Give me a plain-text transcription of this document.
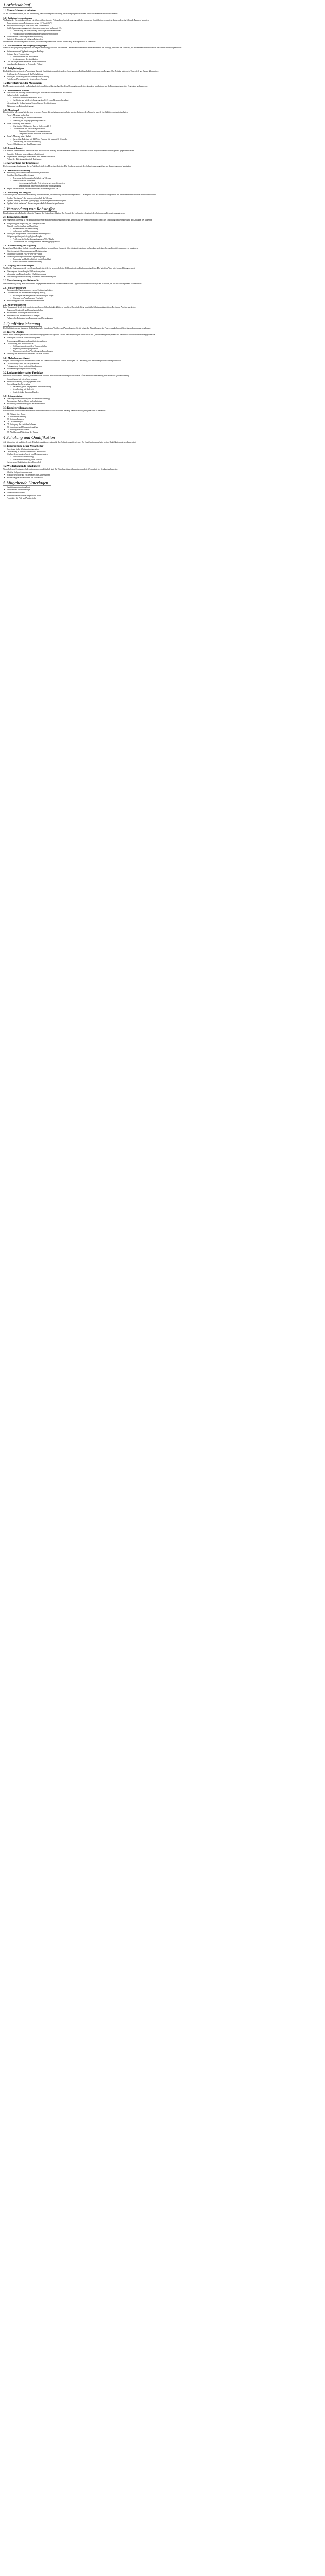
1 Arbeitsablauf
1.1 Vorverfahrensrichtlinien
Zu den Verfahrensschritten, die zur Vorbereitung, Durchführung und Bewertung der Prüfungsergebnisse dienen, wird nachstehend der Ablauf beschrieben.
1.1.1 Prüfstandvoraussetzungen
Vor Beginn der Versuchsdurchführung ist sicherzustellen, dass der Prüfstand den Anforderungen gemäß den technischen Spezifikationen entspricht. Insbesondere sind folgende Punkte zu beachten:
• Temperaturbereich des Prüfraums zwischen 18 °C und 26 °C
• Relative Luftfeuchtigkeit unter 65 % ohne Kondensation
• Stabile Spannungsversorgung mit einer Abweichung von höchstens ± 2 %
◦ Überwachung der Netzspannung über das gesamte Messintervall
◦ Protokollierung von Spannungsspitzen und Unterbrechungen
• Vibrationsfreie Aufstellung der Messeinrichtung
• Kalibrierte Messmittel mit gültigem Prüfzeichen
Werden diese Voraussetzungen nicht erfüllt, ist die Prüfung auszusetzen und die Abweichung im Prüfprotokoll zu vermerken.
1.1.2 Dokumentation der Ausgangsbedingungen
Sämtliche Ausgangsbedingungen sind vor Beginn der Prüfung schriftlich festzuhalten. Dazu zählen insbesondere die Seriennummer des Prüflings, der Stand der Firmware, die verwendeten Messmittel sowie die Namen der beteiligten Prüfer.
• Seriennummer und Typbezeichnung des Prüflings
• Software- bzw. Firmwarestand
◦ Versionsnummer des Bootloaders
◦ Versionsnummer der Applikation
• Liste der eingesetzten Messmittel mit Kalibrierdatum
• Umgebungsbedingungen zu Beginn der Prüfung
1.1.3 Prüfplanfreigabe
Der Prüfplan ist vor der ersten Anwendung durch die Qualitätssicherung freizugeben. Änderungen am Prüfplan bedürfen einer erneuten Freigabe. Die Freigabe wird durch Unterschrift und Datum dokumentiert.
• Erstellung des Prüfplans durch die Fachabteilung
• Prüfung auf Vollständigkeit durch die Qualitätssicherung
• Freigabe und Archivierung der freigegebenen Fassung
1.2 Durchführung der Messungen
Die Messungen werden in der im Prüfplan festgelegten Reihenfolge durchgeführt. Jede Messung ist mindestens dreimal zu wiederholen, um die Reproduzierbarkeit der Ergebnisse nachzuweisen.
1.2.1 Vorbereitende Schritte
• Einschalten des Prüflings und Einhaltung der Aufwärmzeit von mindestens 30 Minuten
• Nullabgleich der Messkanäle
◦ Kontrolle der Offsetwerte aller Kanäle
◦ Nachjustierung bei Abweichungen größer 0,5 % vom Messbereichsendwert
• Überprüfung der Verkabelung auf festen Sitz und Beschädigungen
• Aktivierung der Datenaufzeichnung
1.2.2 Messablauf
Der eigentliche Messablauf gliedert sich in mehrere Phasen, die nacheinander abgearbeitet werden. Zwischen den Phasen ist jeweils eine Stabilisierungszeit einzuhalten.
• Phase 1: Messung im Leerlauf
◦ Aufzeichnung der Ruhestromaufnahme
◦ Erfassung der Ausgangsspannung ohne Last
• Phase 2: Messung unter Nennlast
◦ Schrittweise Erhöhung der Last in Stufen von 25 %
◦ Dokumentation der Messwerte je Laststufe
▪ Spannung, Strom und Leistungsaufnahme
▪ Temperatur an den definierten Messpunkten
• Phase 3: Messung unter Überlast
◦ Kurzzeitige Belastung mit 120 % der Nennlast für maximal 60 Sekunden
◦ Überwachung der Schutzabschaltung
• Phase 4: Abkühlphase und Abschlussmessung
1.2.3 Datensicherung
Alle erfassten Messdaten sind unmittelbar nach Abschluss der Messung auf dem zentralen Datenserver zu sichern. Lokale Kopien dürfen nur vorübergehend gespeichert werden.
• Export der Rohdaten im vereinbarten Dateiformat
• Vergabe eines eindeutigen Dateinamens nach Namenskonvention
• Prüfung der Datenintegrität mittels Prüfsumme
1.3 Auswertung der Ergebnisse
Die Auswertung erfolgt anhand der im Prüfplan festgelegten Bewertungskriterien. Die Ergebnisse sind mit den Sollwerten zu vergleichen und Abweichungen zu begründen.
1.3.1 Statistische Auswertung
• Berechnung des arithmetischen Mittelwerts je Messreihe
• Ermittlung der Standardabweichung
◦ Bewertung der Streuung im Verhältnis zur Toleranz
◦ Identifikation von Ausreißern
▪ Anwendung des Grubbs-Tests bei mehr als sechs Messwerten
▪ Dokumentation ausgeschlossener Werte mit Begründung
• Angabe der erweiterten Messunsicherheit mit Erweiterungsfaktor k = 2
1.3.2 Bewertung und Freigabe
Auf Grundlage der statistischen Auswertung wird entschieden, ob der Prüfling die Anforderungen erfüllt. Das Ergebnis wird im Prüfbericht festgehalten und durch den verantwortlichen Prüfer unterzeichnet.
• Ergebnis "bestanden": alle Messwerte innerhalb der Toleranz
• Ergebnis "bedingt bestanden": geringfügige Abweichungen mit Sonderfreigabe
• Ergebnis "nicht bestanden": Abweichungen außerhalb der zulässigen Grenzen
2 Verwendung von Rohstoffen
Für alle eingesetzten Rohstoffe gelten die Vorgaben der Einkaufsspezifikation. Die Auswahl der Lieferanten erfolgt nach den Kriterien des Lieferantenmanagements.
2.1 Eingangskontrolle
Jede eingehende Lieferung ist vor der Einlagerung einer Eingangskontrolle zu unterziehen. Der Umfang der Kontrolle richtet sich nach der Einstufung des Lieferanten und der Kritikalität des Materials.
• Sichtprüfung der Verpackung auf Transportschäden
• Abgleich von Lieferschein und Bestellung
◦ Artikelnummer und Bezeichnung
◦ Liefermenge und Chargennummer
• Prüfung der mitgelieferten Zertifikate und Werkszeugnisse
• Stichprobenprüfung nach festgelegtem Prüfplan
◦ Festlegung des Stichprobenumfangs nach AQL-Tabelle
◦ Dokumentation der Prüfergebnisse im Wareneingangsprotokoll
2.1.1 Kennzeichnung und Lagerung
Freigegebene Materialien sind mit einem Freigabeetikett zu kennzeichnen. Gesperrte Ware ist räumlich getrennt im Sperrlager aufzubewahren und deutlich als gesperrt zu markieren.
• Etikettierung mit Chargennummer und Freigabedatum
• Einlagerung nach dem First-in-first-out-Prinzip
• Einhaltung der vorgeschriebenen Lagerbedingungen
◦ Temperatur und Luftfeuchtigkeit gemäß Datenblatt
◦ Schutz vor direkter Sonneneinstrahlung
2.1.2 Umgang mit Abweichungen
Wird bei der Eingangskontrolle eine Abweichung festgestellt, ist unverzüglich eine Reklamation beim Lieferanten einzuleiten. Die betroffene Ware wird bis zur Klärung gesperrt.
• Erfassung der Abweichung im Reklamationssystem
• Information des Einkaufs und der Qualitätssicherung
• Entscheidung über Rücksendung, Nacharbeit oder Sonderfreigabe
2.2 Verarbeitung der Rohstoffe
Die Verarbeitung erfolgt ausschließlich mit freigegebenen Materialien. Die Entnahme aus dem Lager ist im Warenwirtschaftssystem zu buchen, um die Rückverfolgbarkeit sicherzustellen.
2.2.1 Rückverfolgbarkeit
• Zuordnung der Chargennummern zu den Fertigungsaufträgen
• Dokumentation der verwendeten Mengen je Auftrag
◦ Buchung der Restmengen bei Rücklieferung ins Lager
◦ Erfassung von Ausschuss und Verschnitt
• Archivierung der Daten für mindestens zehn Jahre
2.2.2 Sicherheitshinweise
Beim Umgang mit Gefahrstoffen sind die Angaben der Sicherheitsdatenblätter zu beachten. Die erforderliche persönliche Schutzausrüstung ist vor Beginn der Arbeiten anzulegen.
• Tragen von Schutzbrille und Schutzhandschuhen
• Ausreichende Belüftung des Arbeitsplatzes
• Bereithalten von Bindemitteln für Leckagen
• Fachgerechte Entsorgung von Restmengen und Verpackungen
3 Qualitätssicherung
Die Qualitätssicherung überwacht die Einhaltung aller festgelegten Verfahren und Anforderungen. Sie ist befugt, bei Abweichungen den Prozess anzuhalten und Korrekturmaßnahmen zu veranlassen.
3.1 Interne Audits
Interne Audits werden gemäß dem jährlichen Auditprogramm durchgeführt. Ziel ist die Überprüfung der Wirksamkeit des Qualitätsmanagementsystems und die Identifikation von Verbesserungspotenzialen.
• Planung der Audits im Jahresauditprogramm
• Benennung unabhängiger und qualifizierter Auditoren
• Durchführung nach Auditcheckliste
◦ Eröffnungsgespräch mit den Verantwortlichen
◦ Begehung und Befragung vor Ort
◦ Abschlussgespräch mit Vorstellung der Feststellungen
• Erstellung des Auditberichts innerhalb von zwei Wochen
3.1.1 Maßnahmenverfolgung
Für jede Feststellung ist eine Korrekturmaßnahme mit Verantwortlichem und Termin festzulegen. Die Umsetzung wird durch die Qualitätssicherung überwacht.
• Ursachenanalyse nach der 5-Why-Methode
• Festlegung von Sofort- und Abstellmaßnahmen
• Wirksamkeitsprüfung nach Umsetzung
3.2 Lenkung fehlerhafter Produkte
Fehlerhafte Produkte sind eindeutig zu kennzeichnen und von der weiteren Verarbeitung auszuschließen. Über die weitere Verwendung entscheidet die Qualitätssicherung.
• Kennzeichnung mit rotem Sperrvermerk
• Räumliche Trennung von freigegebener Ware
• Entscheidung über Verwendung
◦ Nacharbeit gemäß freigegebener Arbeitsanweisung
◦ Verschrottung mit Nachweis
◦ Sonderfreigabe durch den Kunden
3.2.1 Dokumentation
• Erfassung im Fehlermeldesystem mit Fehlerbeschreibung
• Zuordnung zu Auftrag, Charge und Arbeitsplatz
• Auswertung der Fehlerhäufigkeit im Monatsbericht
3.3 Kundenreklamationen
Reklamationen von Kunden werden zentral erfasst und innerhalb von 24 Stunden bestätigt. Die Bearbeitung erfolgt nach der 8D-Methode.
• D1: Bildung eines Teams
• D2: Problembeschreibung
• D3: Sofortmaßnahmen
• D4: Ursachenanalyse
• D5: Festlegung der Abstellmaßnahmen
• D6: Umsetzung und Wirksamkeitsprüfung
• D7: Vorbeugende Maßnahmen
• D8: Abschluss und Würdigung des Teams
4 Schulung und Qualifikation
Alle Mitarbeiter, die qualitätsrelevante Tätigkeiten ausführen, müssen für ihre Aufgaben qualifiziert sein. Der Qualifikationsstand wird in einer Qualifikationsmatrix dokumentiert.
4.1 Einarbeitung neuer Mitarbeiter
• Einweisung in die Arbeitsplatzorganisation
• Unterweisung in Arbeitssicherheit und Umweltschutz
• Schulung der relevanten Arbeits- und Prüfanweisungen
◦ Theoretische Unterweisung
◦ Praktische Einarbeitung unter Aufsicht
• Nachweis der Qualifikation durch Unterschrift
4.2 Wiederkehrende Schulungen
Wiederkehrende Schulungen finden mindestens einmal jährlich statt. Die Teilnahme ist zu dokumentieren und die Wirksamkeit der Schulung zu bewerten.
• Jährliche Sicherheitsunterweisung
• Schulung bei Änderung von Verfahren oder Anweisungen
• Auffrischung der Prüfmethoden für Prüfpersonal
5 Mitgeltende Unterlagen
• Qualitätsmanagementhandbuch
• Prüfpläne und Prüfanweisungen
• Einkaufsspezifikationen
• Sicherheitsdatenblätter der eingesetzten Stoffe
• Formblätter für Prüf- und Auditberichte
